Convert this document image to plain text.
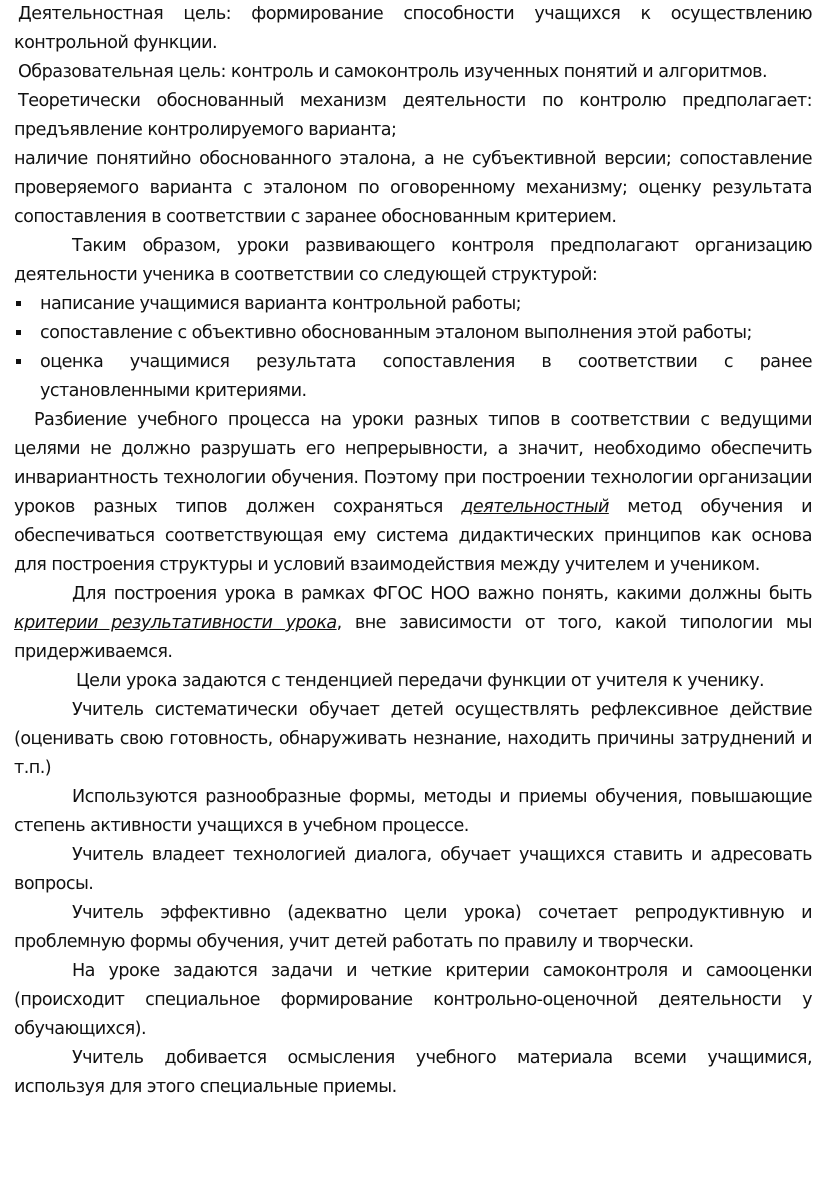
Деятельностная цель: формирование способности учащихся к осуществлению контрольной функции.

Образовательная цель: контроль и самоконтроль изученных понятий и алгоритмов.

Теоретически обоснованный механизм деятельности по контролю предполагает: предъявление контролируемого варианта;

наличие понятийно обоснованного эталона, а не субъективной версии; сопоставление проверяемого варианта с эталоном по оговоренному механизму; оценку результата сопоставления в соответствии с заранее обоснованным критерием.

Таким образом, уроки развивающего контроля предполагают организацию деятельности ученика в соответствии со следующей структурой:

написание учащимися варианта контрольной работы;
сопоставление с объективно обоснованным эталоном выполнения этой работы;
оценка учащимися результата сопоставления в соответствии с ранее установленными критериями.

Разбиение учебного процесса на уроки разных типов в соответствии с ведущими целями не должно разрушать его непрерывности, а значит, необходимо обеспечить инвариантность технологии обучения. Поэтому при построении технологии организации уроков разных типов должен сохраняться деятельностный метод обучения и обеспечиваться соответствующая ему система дидактических принципов как основа для построения структуры и условий взаимодействия между учителем и учеником.

Для построения урока в рамках ФГОС НОО важно понять, какими должны быть критерии результативности урока, вне зависимости от того, какой типологии мы придерживаемся.

Цели урока задаются с тенденцией передачи функции от учителя к ученику.

Учитель систематически обучает детей осуществлять рефлексивное действие (оценивать свою готовность, обнаруживать незнание, находить причины затруднений и т.п.)

Используются разнообразные формы, методы и приемы обучения, повышающие степень активности учащихся в учебном процессе.

Учитель владеет технологией диалога, обучает учащихся ставить и адресовать вопросы.

Учитель эффективно (адекватно цели урока) сочетает репродуктивную и проблемную формы обучения, учит детей работать по правилу и творчески.

На уроке задаются задачи и четкие критерии самоконтроля и самооценки (происходит специальное формирование контрольно-оценочной деятельности у обучающихся).

Учитель добивается осмысления учебного материала всеми учащимися, используя для этого специальные приемы.
